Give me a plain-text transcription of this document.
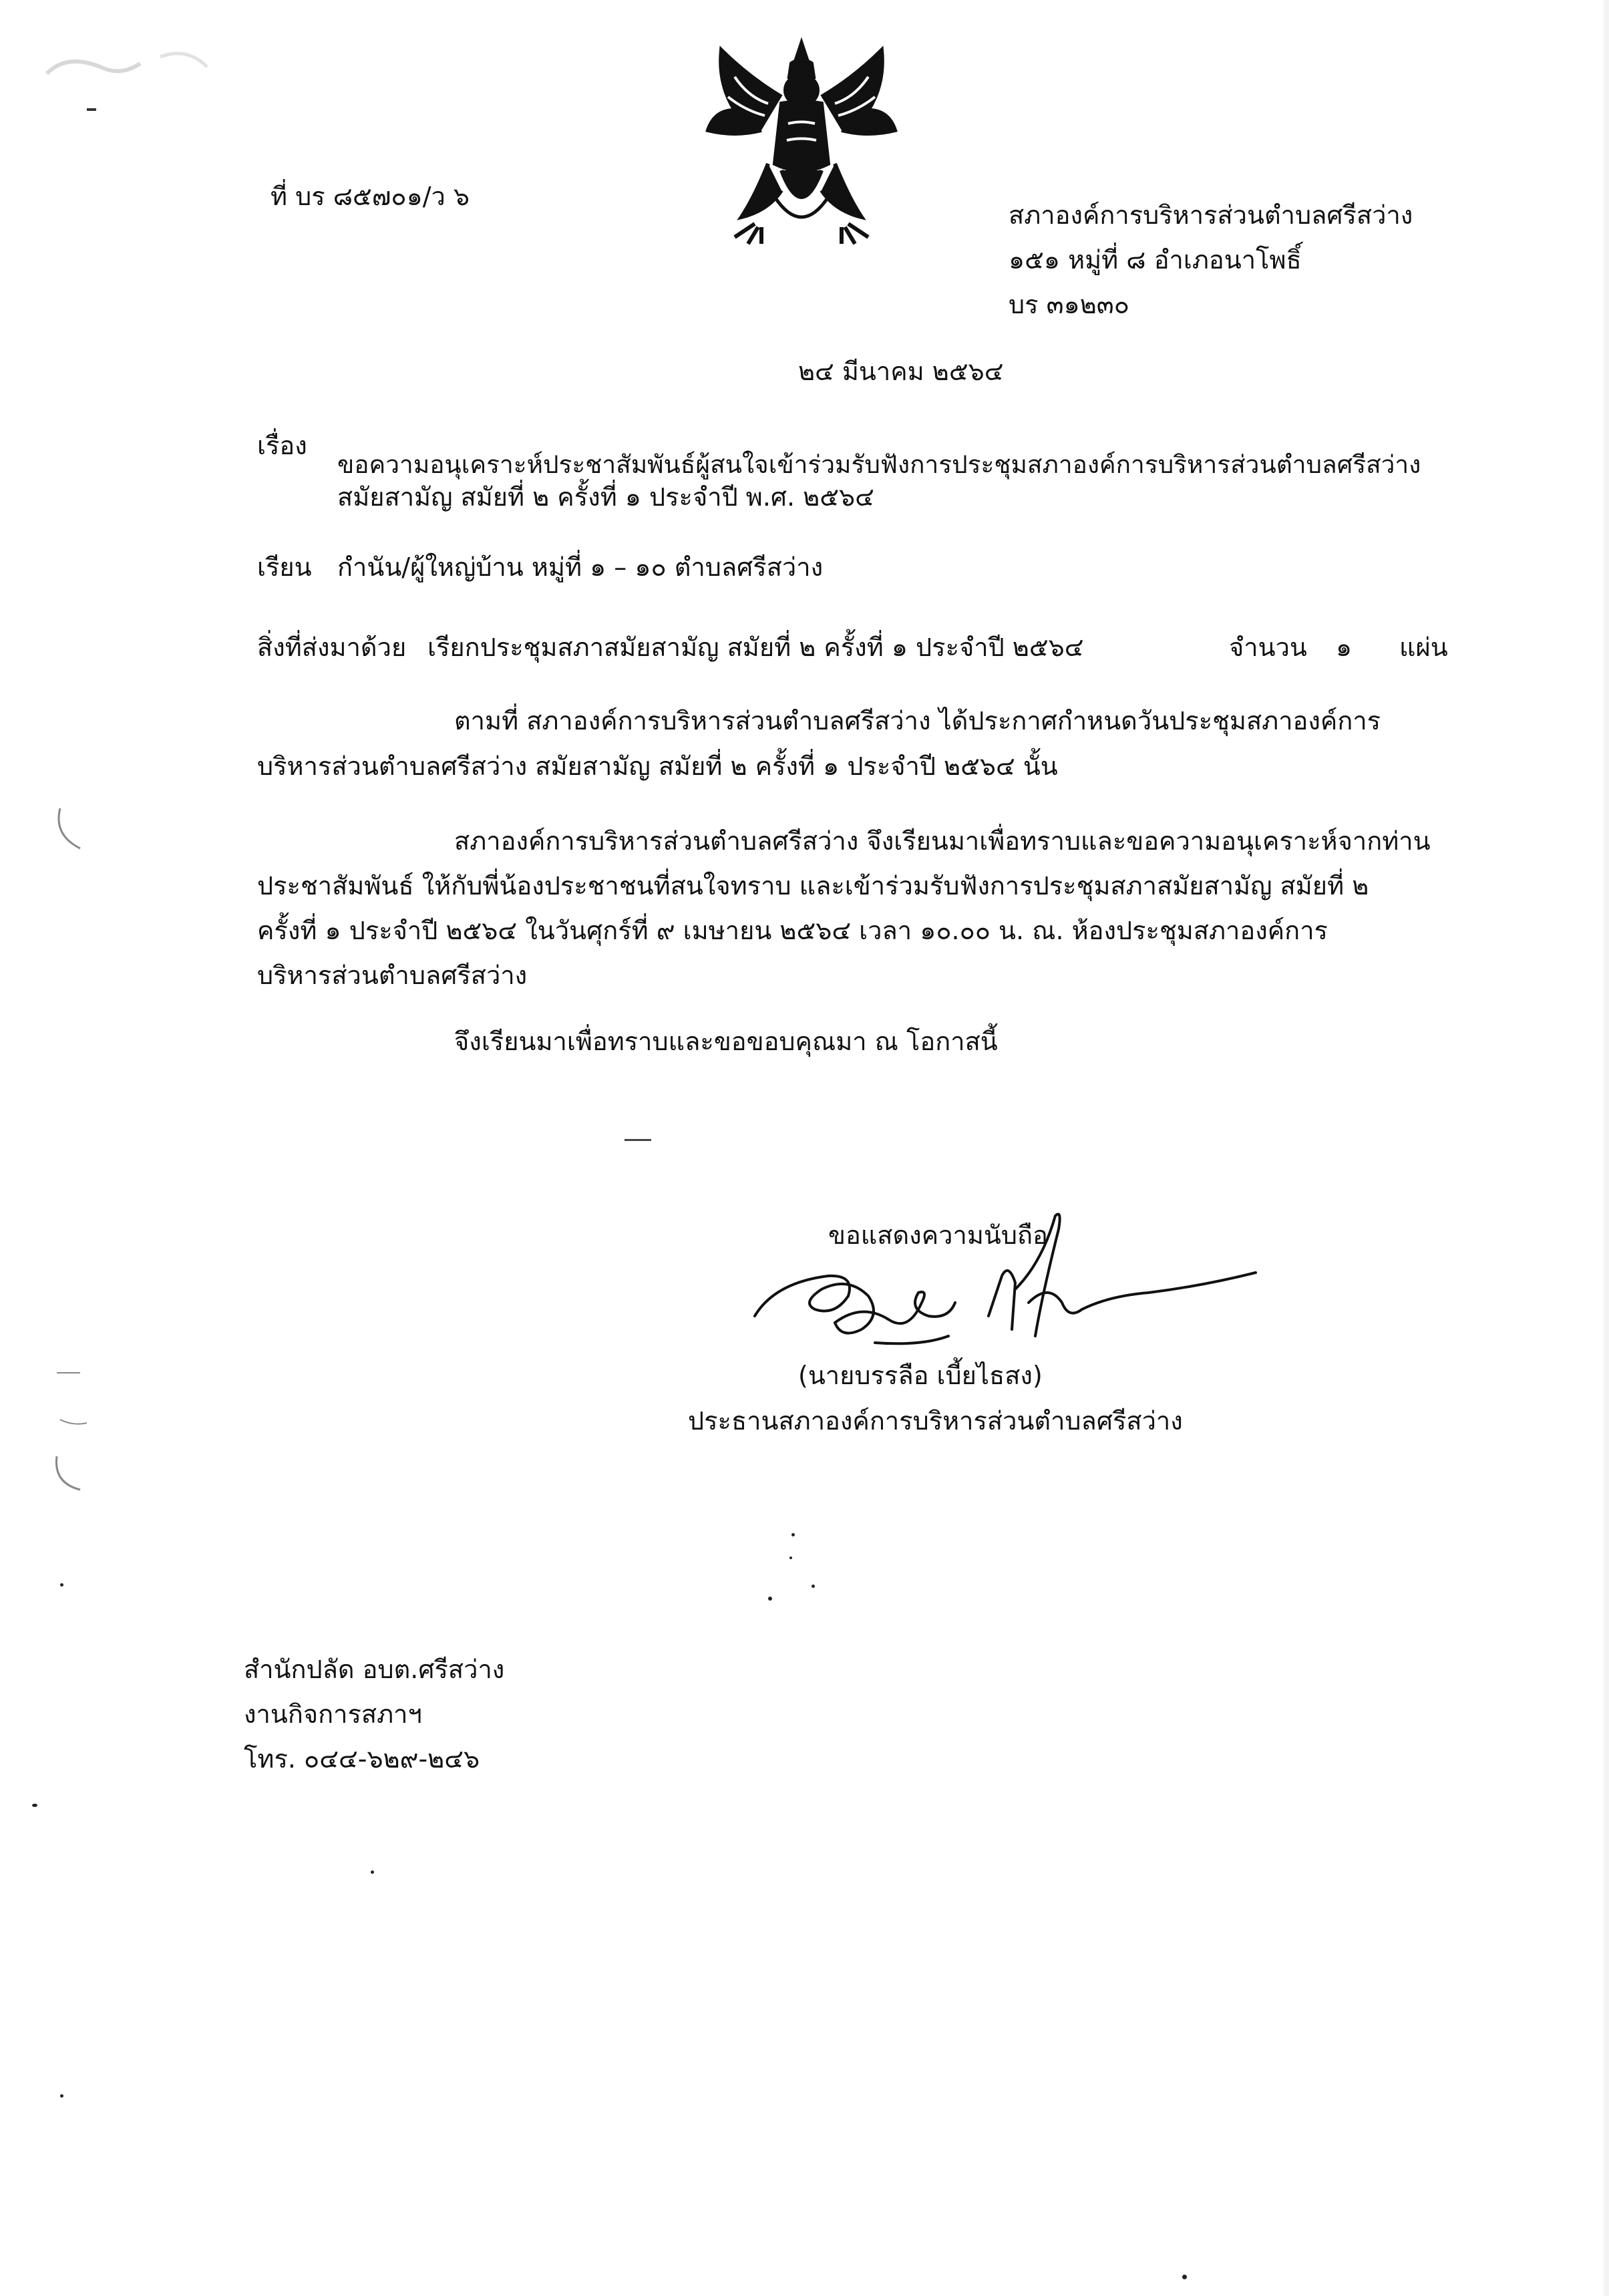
ที่ บร ๘๕๗๐๑/ว ๖
สภาองค์การบริหารส่วนตำบลศรีสว่าง
๑๕๑ หมู่ที่ ๘ อำเภอนาโพธิ์
บร ๓๑๒๓๐
๒๔ มีนาคม ๒๕๖๔
เรื่อง
ขอความอนุเคราะห์ประชาสัมพันธ์ผู้สนใจเข้าร่วมรับฟังการประชุมสภาองค์การบริหารส่วนตำบลศรีสว่าง
สมัยสามัญ สมัยที่ ๒ ครั้งที่ ๑ ประจำปี พ.ศ. ๒๕๖๔
เรียน กำนัน/ผู้ใหญ่บ้าน หมู่ที่ ๑ – ๑๐ ตำบลศรีสว่าง
สิ่งที่ส่งมาด้วย เรียกประชุมสภาสมัยสามัญ สมัยที่ ๒ ครั้งที่ ๑ ประจำปี ๒๕๖๔	จำนวน ๑ แผ่น
ตามที่ สภาองค์การบริหารส่วนตำบลศรีสว่าง ได้ประกาศกำหนดวันประชุมสภาองค์การ
บริหารส่วนตำบลศรีสว่าง สมัยสามัญ สมัยที่ ๒ ครั้งที่ ๑ ประจำปี ๒๕๖๔ นั้น
สภาองค์การบริหารส่วนตำบลศรีสว่าง จึงเรียนมาเพื่อทราบและขอความอนุเคราะห์จากท่าน
ประชาสัมพันธ์ ให้กับพี่น้องประชาชนที่สนใจทราบ และเข้าร่วมรับฟังการประชุมสภาสมัยสามัญ สมัยที่ ๒
ครั้งที่ ๑ ประจำปี ๒๕๖๔ ในวันศุกร์ที่ ๙ เมษายน ๒๕๖๔ เวลา ๑๐.๐๐ น. ณ. ห้องประชุมสภาองค์การ
บริหารส่วนตำบลศรีสว่าง
จึงเรียนมาเพื่อทราบและขอขอบคุณมา ณ โอกาสนี้
ขอแสดงความนับถือ
(นายบรรลือ เบี้ยไธสง)
ประธานสภาองค์การบริหารส่วนตำบลศรีสว่าง
สำนักปลัด อบต.ศรีสว่าง
งานกิจการสภาฯ
โทร. ๐๔๔-๖๒๙-๒๔๖
